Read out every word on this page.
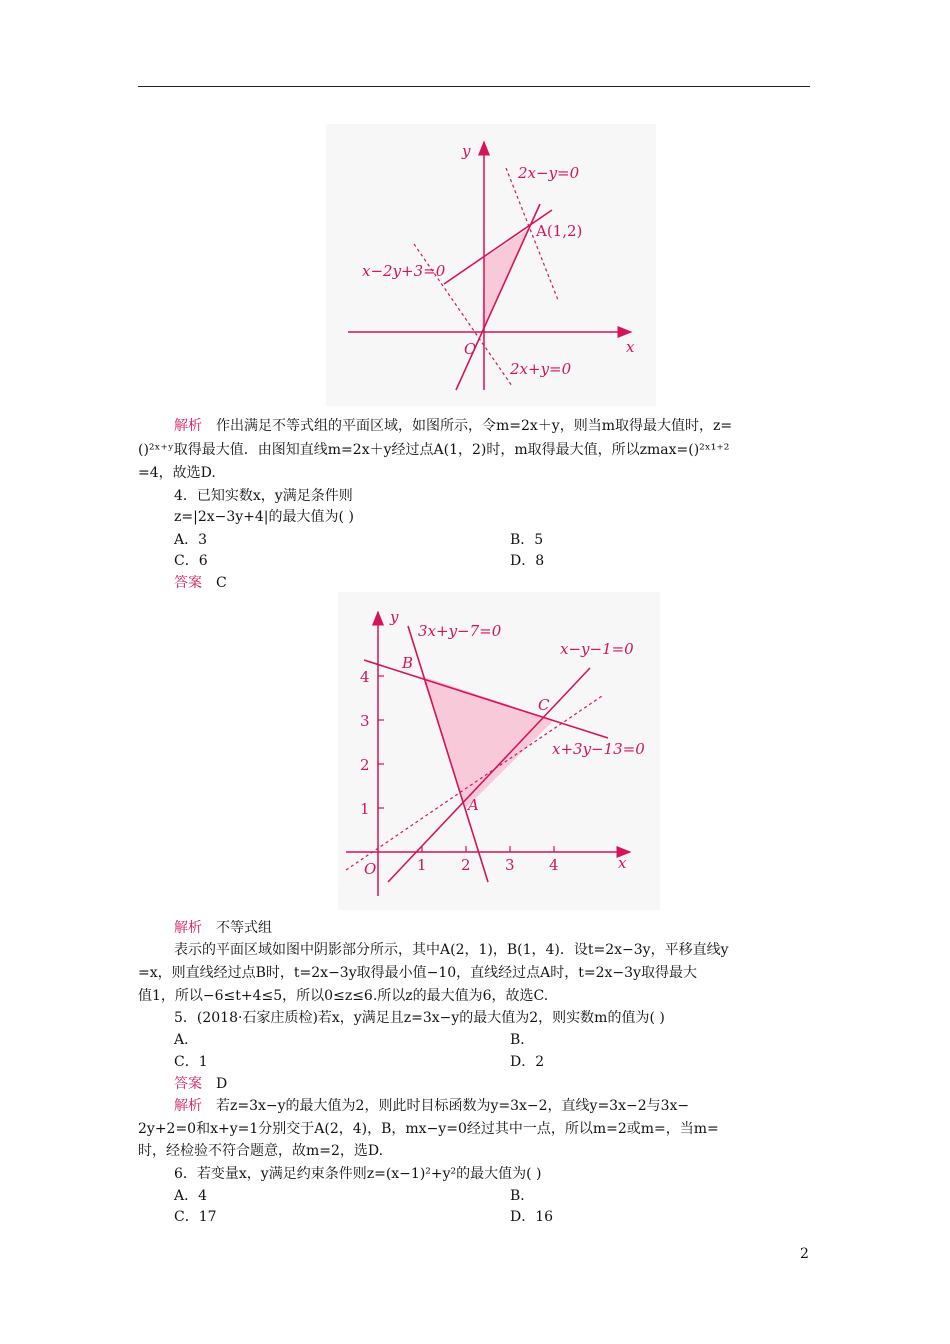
y
x
O
2x−y=0
A(1,2)
x−2y+3=0
2x+y=0
解析 作出满足不等式组的平面区域，如图所示，令m=2x＋y，则当m取得最大值时，z=
()²ˣ⁺ʸ取得最大值．由图知直线m=2x＋y经过点A(1，2)时，m取得最大值，所以zmax=()²ˣ¹⁺²
=4，故选D.
4．已知实数x，y满足条件则
z=|2x−3y+4|的最大值为( )
A．3	B．5
C．6	D．8
答案 C
4
3
2
1
1 2 3 4
y
x
O
3x+y−7=0
x−y−1=0
x+3y−13=0
B
C
A
解析 不等式组
表示的平面区域如图中阴影部分所示，其中A(2，1)，B(1，4)．设t=2x−3y，平移直线y
=x，则直线经过点B时，t=2x−3y取得最小值−10，直线经过点A时，t=2x−3y取得最大
值1，所以−6≤t+4≤5，所以0≤z≤6.所以z的最大值为6，故选C.
5．(2018·石家庄质检)若x，y满足且z=3x−y的最大值为2，则实数m的值为( )
A．	B．
C．1	D．2
答案 D
解析 若z=3x−y的最大值为2，则此时目标函数为y=3x−2，直线y=3x−2与3x−
2y+2=0和x+y=1分别交于A(2，4)，B，mx−y=0经过其中一点，所以m=2或m=，当m=
时，经检验不符合题意，故m=2，选D.
6．若变量x，y满足约束条件则z=(x−1)²+y²的最大值为( )
A．4	B．
C．17	D．16
2
